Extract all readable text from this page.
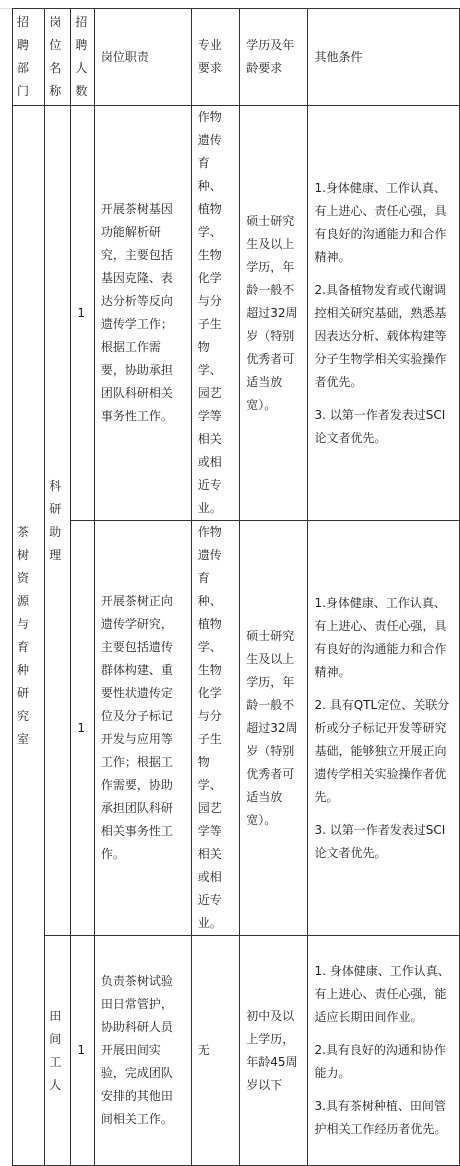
招聘部门	岗位名称	招聘人数	岗位职责	专业要求	学历及年龄要求	其他条件
茶树资源与育种研究室	科研助理	1	开展茶树基因功能解析研究，主要包括基因克隆、表达分析等反向遗传学工作；根据工作需要，协助承担团队科研相关事务性工作。	作物遗传育种、植物学、生物化学与分子生物学、园艺学等相关或相近专业。	硕士研究生及以上学历，年龄一般不超过32周岁（特别优秀者可适当放宽）。	1.身体健康、工作认真、有上进心、责任心强，具有良好的沟通能力和合作精神。

2.具备植物发育或代谢调控相关研究基础，熟悉基因表达分析、载体构建等分子生物学相关实验操作者优先。

3. 以第一作者发表过SCI 论文者优先。

		1	开展茶树正向遗传学研究，主要包括遗传群体构建、重要性状遗传定位及分子标记开发与应用等工作；根据工作需要，协助承担团队科研相关事务性工作。	作物遗传育种、植物学、生物化学与分子生物学、园艺学等相关或相近专业。	硕士研究生及以上学历，年龄一般不超过32周岁（特别优秀者可适当放宽）。	1.身体健康、工作认真、有上进心、责任心强，具有良好的沟通能力和合作精神。

2. 具有QTL定位、关联分析或分子标记开发等研究基础，能够独立开展正向遗传学相关实验操作者优先。

3. 以第一作者发表过SCI 论文者优先。

	田间工人	1	负责茶树试验田日常管护，协助科研人员开展田间实验，完成团队安排的其他田间相关工作。	无	初中及以上学历，年龄45周岁以下	1. 身体健康、工作认真、有上进心、责任心强，能适应长期田间作业。

2.具有良好的沟通和协作能力。

3.具有茶树种植、田间管护相关工作经历者优先。
